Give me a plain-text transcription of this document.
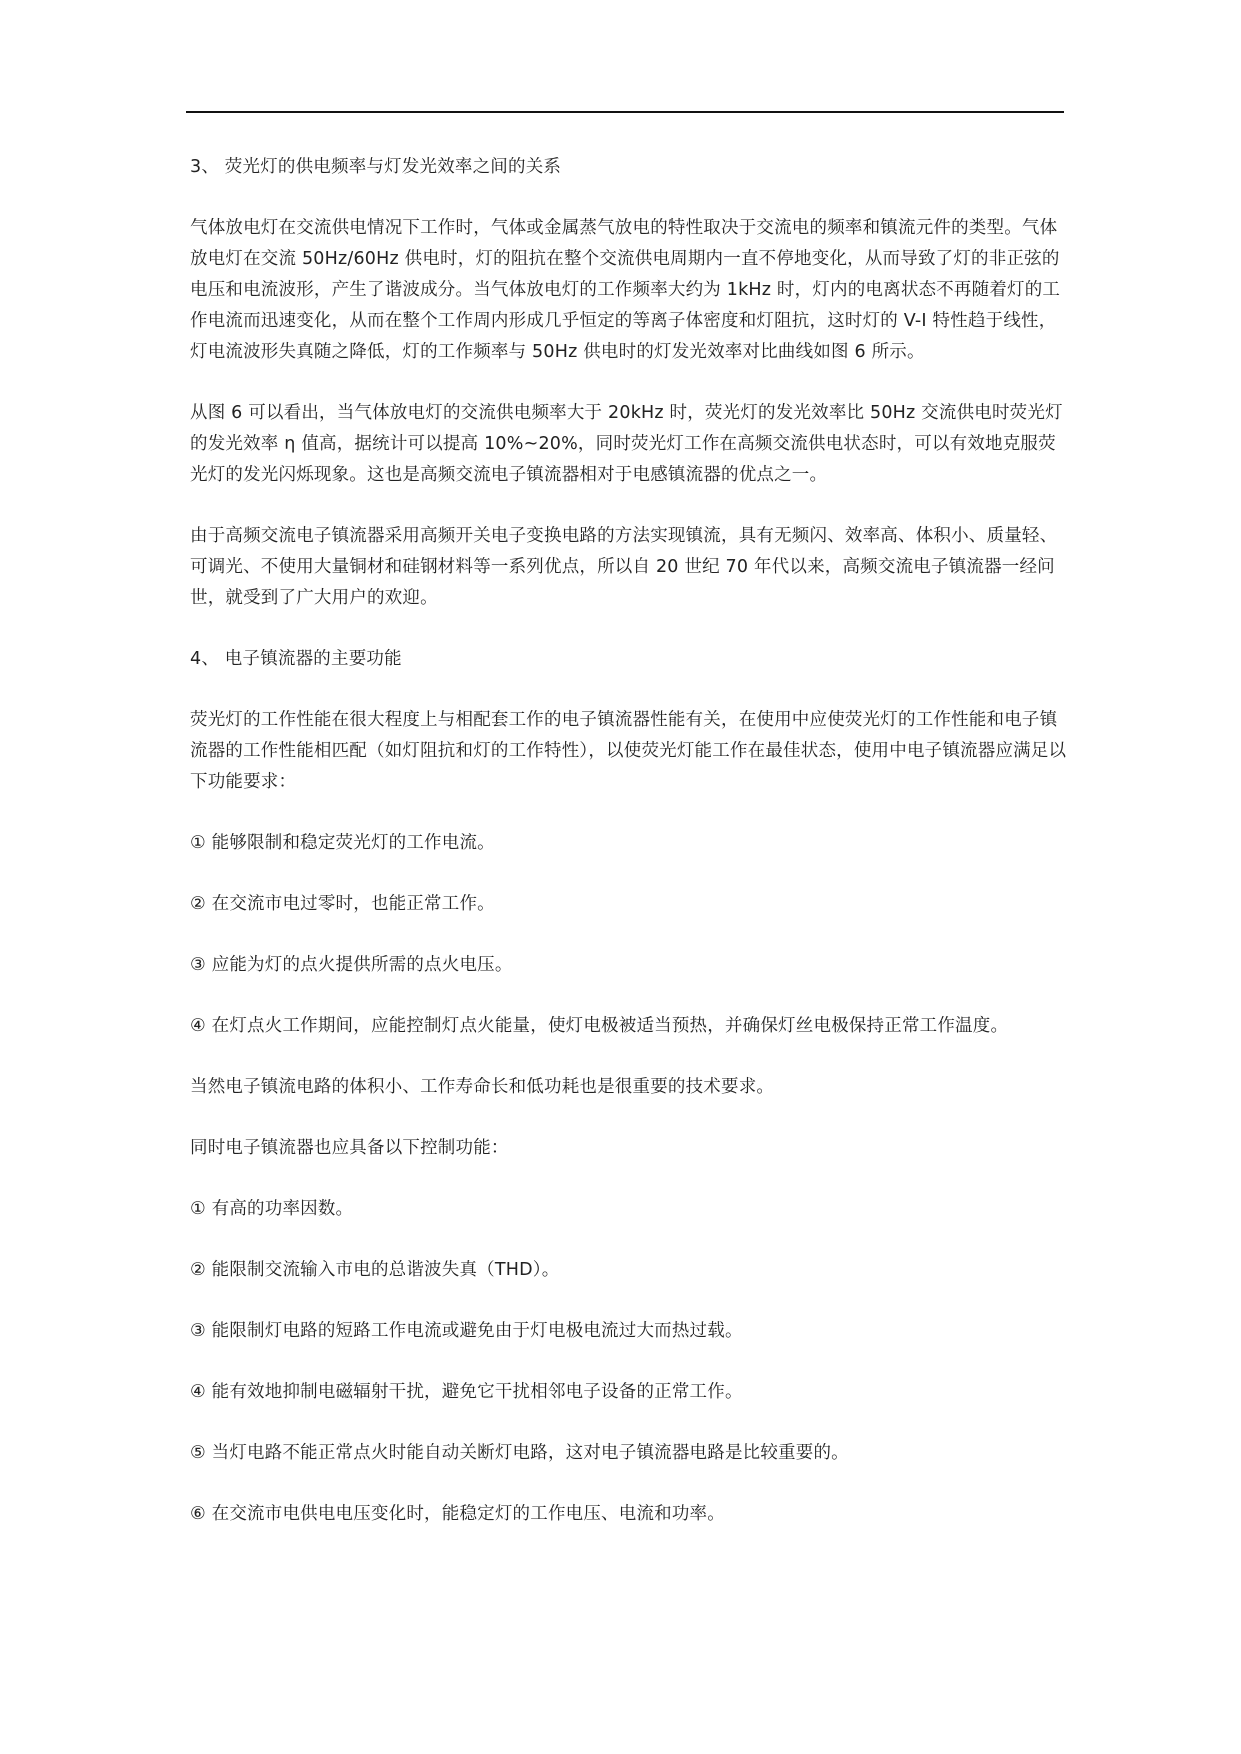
3、 荧光灯的供电频率与灯发光效率之间的关系

气体放电灯在交流供电情况下工作时，气体或金属蒸气放电的特性取决于交流电的频率和镇流元件的类型。气体放电灯在交流 50Hz/60Hz 供电时，灯的阻抗在整个交流供电周期内一直不停地变化，从而导致了灯的非正弦的电压和电流波形，产生了谐波成分。当气体放电灯的工作频率大约为 1kHz 时，灯内的电离状态不再随着灯的工作电流而迅速变化，从而在整个工作周内形成几乎恒定的等离子体密度和灯阻抗，这时灯的 V-I 特性趋于线性，灯电流波形失真随之降低，灯的工作频率与 50Hz 供电时的灯发光效率对比曲线如图 6 所示。

从图 6 可以看出，当气体放电灯的交流供电频率大于 20kHz 时，荧光灯的发光效率比 50Hz 交流供电时荧光灯的发光效率 η 值高，据统计可以提高 10%~20%，同时荧光灯工作在高频交流供电状态时，可以有效地克服荧光灯的发光闪烁现象。这也是高频交流电子镇流器相对于电感镇流器的优点之一。

由于高频交流电子镇流器采用高频开关电子变换电路的方法实现镇流，具有无频闪、效率高、体积小、质量轻、可调光、不使用大量铜材和硅钢材料等一系列优点，所以自 20 世纪 70 年代以来，高频交流电子镇流器一经问世，就受到了广大用户的欢迎。

4、 电子镇流器的主要功能

荧光灯的工作性能在很大程度上与相配套工作的电子镇流器性能有关，在使用中应使荧光灯的工作性能和电子镇流器的工作性能相匹配（如灯阻抗和灯的工作特性），以使荧光灯能工作在最佳状态，使用中电子镇流器应满足以下功能要求：

① 能够限制和稳定荧光灯的工作电流。

② 在交流市电过零时，也能正常工作。

③ 应能为灯的点火提供所需的点火电压。

④ 在灯点火工作期间，应能控制灯点火能量，使灯电极被适当预热，并确保灯丝电极保持正常工作温度。

当然电子镇流电路的体积小、工作寿命长和低功耗也是很重要的技术要求。

同时电子镇流器也应具备以下控制功能：

① 有高的功率因数。

② 能限制交流输入市电的总谐波失真（THD）。

③ 能限制灯电路的短路工作电流或避免由于灯电极电流过大而热过载。

④ 能有效地抑制电磁辐射干扰，避免它干扰相邻电子设备的正常工作。

⑤ 当灯电路不能正常点火时能自动关断灯电路，这对电子镇流器电路是比较重要的。

⑥ 在交流市电供电电压变化时，能稳定灯的工作电压、电流和功率。
